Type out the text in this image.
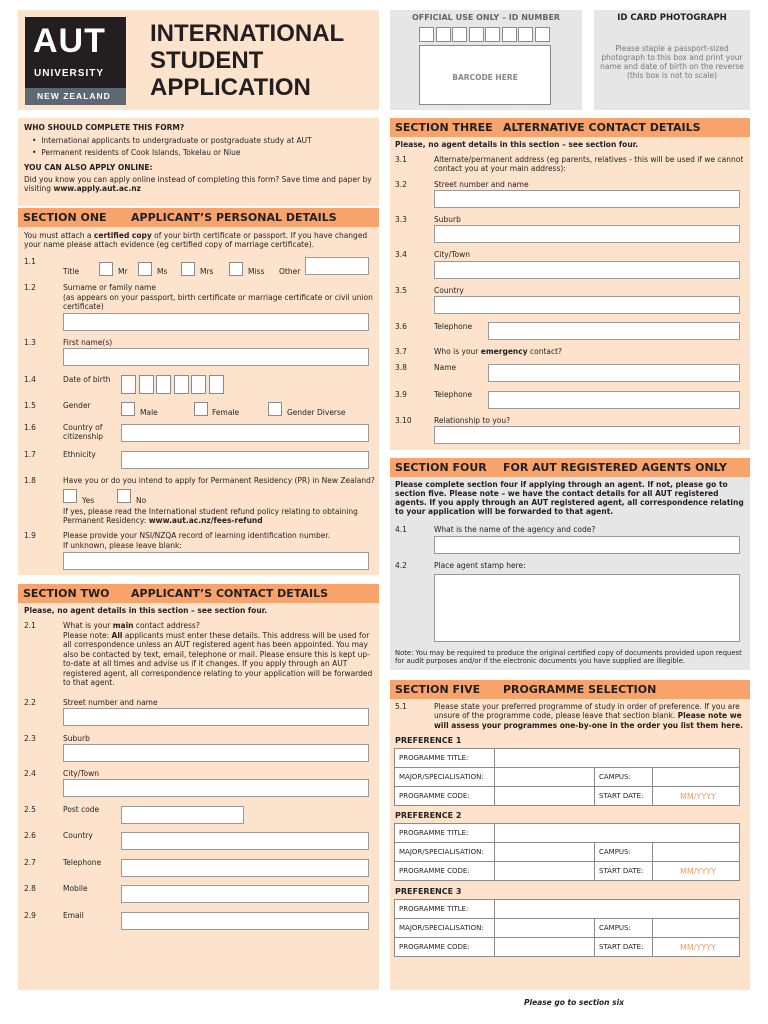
AUT
UNIVERSITY
NEW ZEALAND
INTERNATIONAL
STUDENT
APPLICATION
OFFICIAL USE ONLY – ID NUMBER
BARCODE HERE
ID CARD PHOTOGRAPH
Please staple a passport-sized photograph to this box and print your name and date of birth on the reverse (this box is not to scale)
WHO SHOULD COMPLETE THIS FORM?
•  International applicants to undergraduate or postgraduate study at AUT
•  Permanent residents of Cook Islands, Tokelau or Niue
YOU CAN ALSO APPLY ONLINE:
Did you know you can apply online instead of completing this form? Save time and paper by visiting www.apply.aut.ac.nz
SECTION ONE	APPLICANT’S PERSONAL DETAILS
You must attach a certified copy of your birth certificate or passport. If you have changed your name please attach evidence (eg certified copy of marriage certificate).
1.1
Title	Mr	Ms	Mrs	Miss Other
1.2	Surname or family name
(as appears on your passport, birth certificate or marriage certificate or civil union certificate)
1.3	First name(s)
1.4	Date of birth
1.5	Gender
Male	Female	Gender Diverse
1.6	Country of citizenship
1.7	Ethnicity
1.8	Have you or do you intend to apply for Permanent Residency (PR) in New Zealand?
Yes	No
If yes, please read the International student refund policy relating to obtaining Permanent Residency: www.aut.ac.nz/fees-refund
1.9	Please provide your NSI/NZQA record of learning identification number.
If unknown, please leave blank:
SECTION TWO	APPLICANT’S CONTACT DETAILS
Please, no agent details in this section – see section four.
2.1	What is your main contact address?
Please note: All applicants must enter these details. This address will be used for all correspondence unless an AUT registered agent has been appointed. You may also be contacted by text, email, telephone or mail. Please ensure this is kept up-to-date at all times and advise us if it changes. If you apply through an AUT registered agent, all correspondence relating to your application will be forwarded to that agent.
2.2	Street number and name
2.3	Suburb
2.4	City/Town
2.5	Post code
2.6	Country
2.7	Telephone
2.8	Mobile
2.9	Email
SECTION THREE ALTERNATIVE CONTACT DETAILS
Please, no agent details in this section – see section four.
3.1	Alternate/permanent address (eg parents, relatives - this will be used if we cannot contact you at your main address):
3.2	Street number and name
3.3	Suburb
3.4	City/Town
3.5	Country
3.6	Telephone
3.7	Who is your emergency contact?
3.8	Name
3.9	Telephone
3.10	Relationship to you?
SECTION FOUR	FOR AUT REGISTERED AGENTS ONLY
Please complete section four if applying through an agent. If not, please go to section five. Please note – we have the contact details for all AUT registered agents. If you apply through an AUT registered agent, all correspondence relating to your application will be forwarded to that agent.
4.1	What is the name of the agency and code?
4.2	Place agent stamp here:
Note: You may be required to produce the original certified copy of documents provided upon request for audit purposes and/or if the electronic documents you have supplied are illegible.
SECTION FIVE	PROGRAMME SELECTION
5.1	Please state your preferred programme of study in order of preference. If you are unsure of the programme code, please leave that section blank. Please note we will assess your programmes one-by-one in the order you list them here.
PREFERENCE 1
PROGRAMME TITLE:			
MAJOR/SPECIALISATION:		CAMPUS:	
PROGRAMME CODE:		START DATE:	MM/YYYY
PREFERENCE 2
PROGRAMME TITLE:			
MAJOR/SPECIALISATION:		CAMPUS:	
PROGRAMME CODE:		START DATE:	MM/YYYY
PREFERENCE 3
PROGRAMME TITLE:			
MAJOR/SPECIALISATION:		CAMPUS:	
PROGRAMME CODE:		START DATE:	MM/YYYY
Please go to section six
